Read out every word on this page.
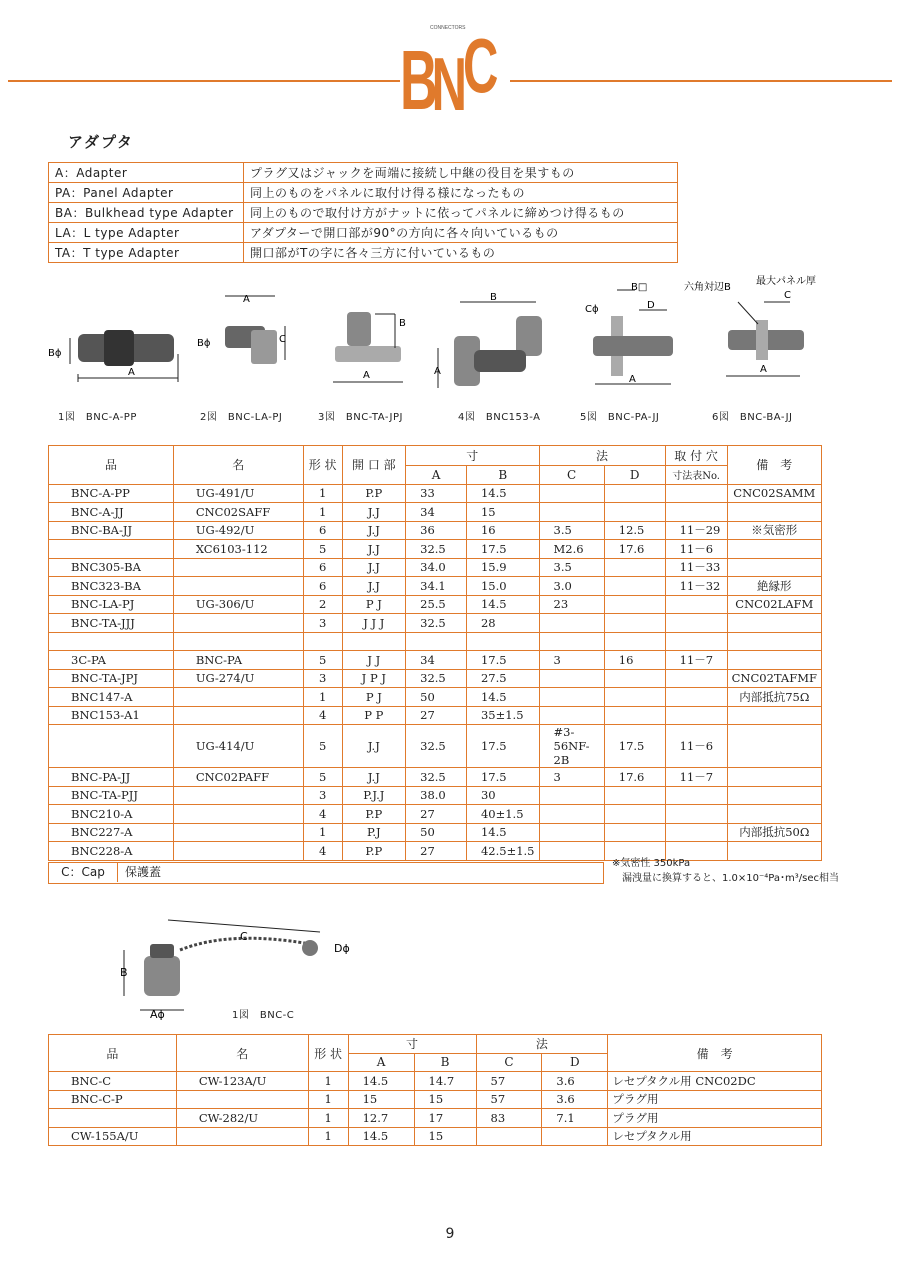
B
N
C
CONNECTORS
アダプタ
A：Adapter	プラグ又はジャックを両端に接続し中継の役目を果すもの
PA：Panel Adapter	同上のものをパネルに取付け得る様になったもの
BA：Bulkhead type Adapter	同上のもので取付け方がナットに依ってパネルに締めつけ得るもの
LA：L type Adapter	アダプターで開口部が90°の方向に各々向いているもの
TA：T type Adapter	開口部がTの字に各々三方に付いているもの
Bϕ
A
A
Bϕ	C
B
A
B
A
B□
Cϕ	D
A
六角対辺B
最大パネル厚
C
A
1図　BNC-A-PP	2図　BNC-LA-PJ	3図　BNC-TA-JPJ	4図　BNC153-A	5図　BNC-PA-JJ	6図　BNC-BA-JJ
品	名	形 状	開 口 部	寸		法		取 付 穴	備　考
				A	B	C	D	寸法表No.	
BNC-A-PP	UG-491/U	1	P.P	33	14.5				CNC02SAMM
BNC-A-JJ	CNC02SAFF	1	J.J	34	15				
BNC-BA-JJ	UG-492/U	6	J.J	36	16	3.5	12.5	11－29	※気密形
	XC6103-112	5	J.J	32.5	17.5	M2.6	17.6	11－6	
BNC305-BA		6	J.J	34.0	15.9	3.5		11－33	
BNC323-BA		6	J.J	34.1	15.0	3.0		11－32	絶縁形
BNC-LA-PJ	UG-306/U	2	P J	25.5	14.5	23			CNC02LAFM
BNC-TA-JJJ		3	J J J	32.5	28				

3C-PA	BNC-PA	5	J J	34	17.5	3	16	11－7	
BNC-TA-JPJ	UG-274/U	3	J P J	32.5	27.5				CNC02TAFMF
BNC147-A		1	P J	50	14.5				内部抵抗75Ω
BNC153-A1		4	P P	27	35±1.5				
	UG-414/U	5	J.J	32.5	17.5	#3-56NF-2B	17.5	11－6	
BNC-PA-JJ	CNC02PAFF	5	J.J	32.5	17.5	3	17.6	11－7	
BNC-TA-PJJ		3	P.J.J	38.0	30				
BNC210-A		4	P.P	27	40±1.5				
BNC227-A		1	P.J	50	14.5				内部抵抗50Ω
BNC228-A		4	P.P	27	42.5±1.5				
C：Cap	保護蓋
※気密性 350kPa
漏洩量に換算すると、1.0×10⁻⁴Pa･m³/sec相当
C
Dϕ
B
Aϕ	1図　BNC-C
品	名	形 状	寸		法		備　考
			A	B	C	D	
BNC-C	CW-123A/U	1	14.5	14.7	57	3.6	レセプタクル用 CNC02DC
BNC-C-P		1	15	15	57	3.6	プラグ用
	CW-282/U	1	12.7	17	83	7.1	プラグ用
CW-155A/U		1	14.5	15			レセプタクル用
9
